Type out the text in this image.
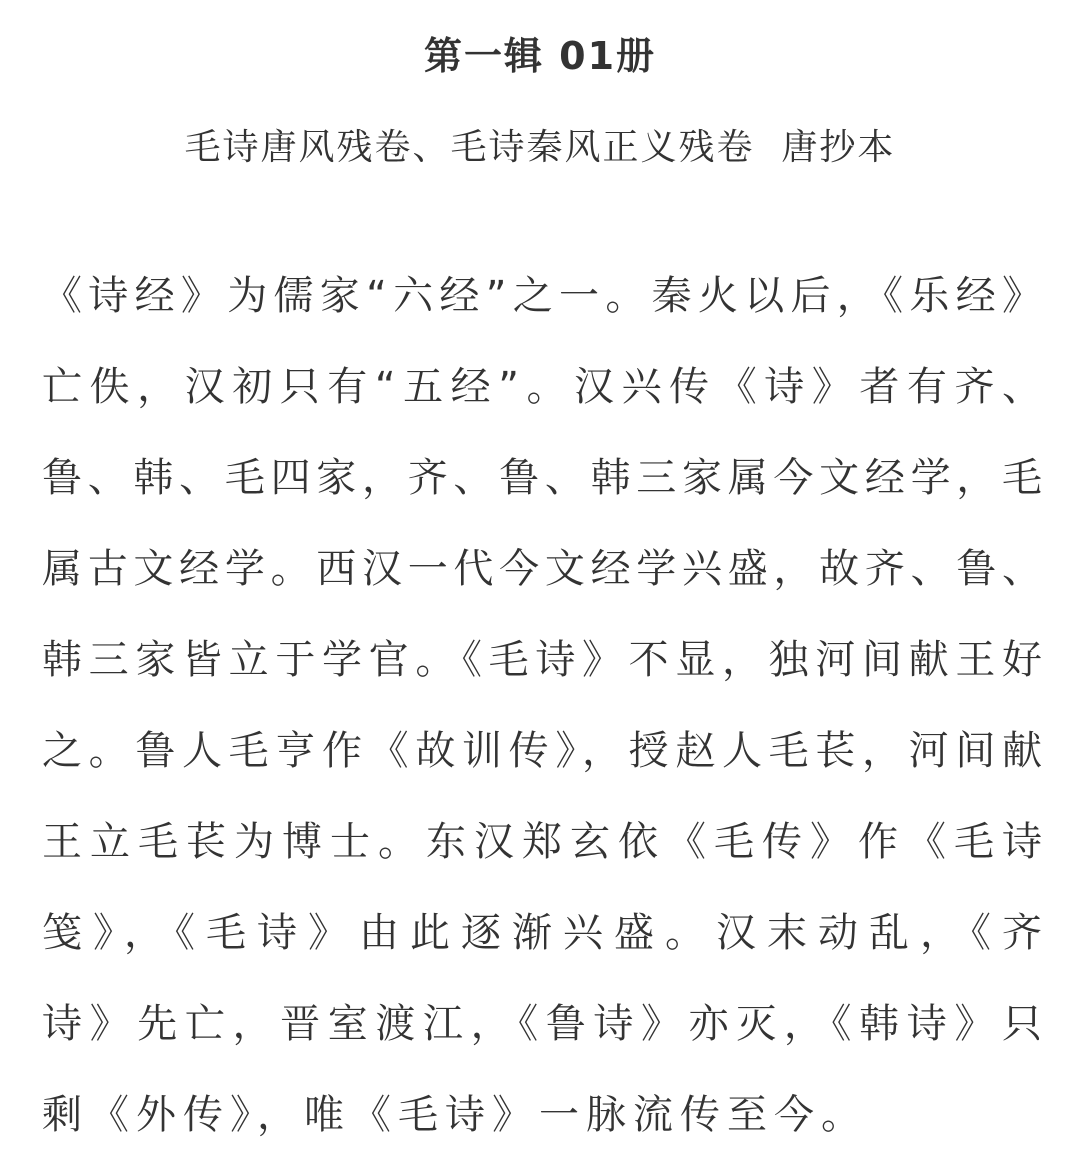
第一辑 01册
毛诗唐风残卷、毛诗秦风正义残卷  唐抄本
《诗经》为儒家“六经”之一。秦火以后，《乐经》
亡佚，汉初只有“五经”。汉兴传《诗》者有齐、
鲁、韩、毛四家，齐、鲁、韩三家属今文经学，毛
属古文经学。西汉一代今文经学兴盛，故齐、鲁、
韩三家皆立于学官。《毛诗》不显，独河间献王好
之。鲁人毛亨作《故训传》，授赵人毛苌，河间献
王立毛苌为博士。东汉郑玄依《毛传》作《毛诗
笺》，《毛诗》由此逐渐兴盛。汉末动乱，《齐
诗》先亡，晋室渡江，《鲁诗》亦灭，《韩诗》只
剩《外传》，唯《毛诗》一脉流传至今。
